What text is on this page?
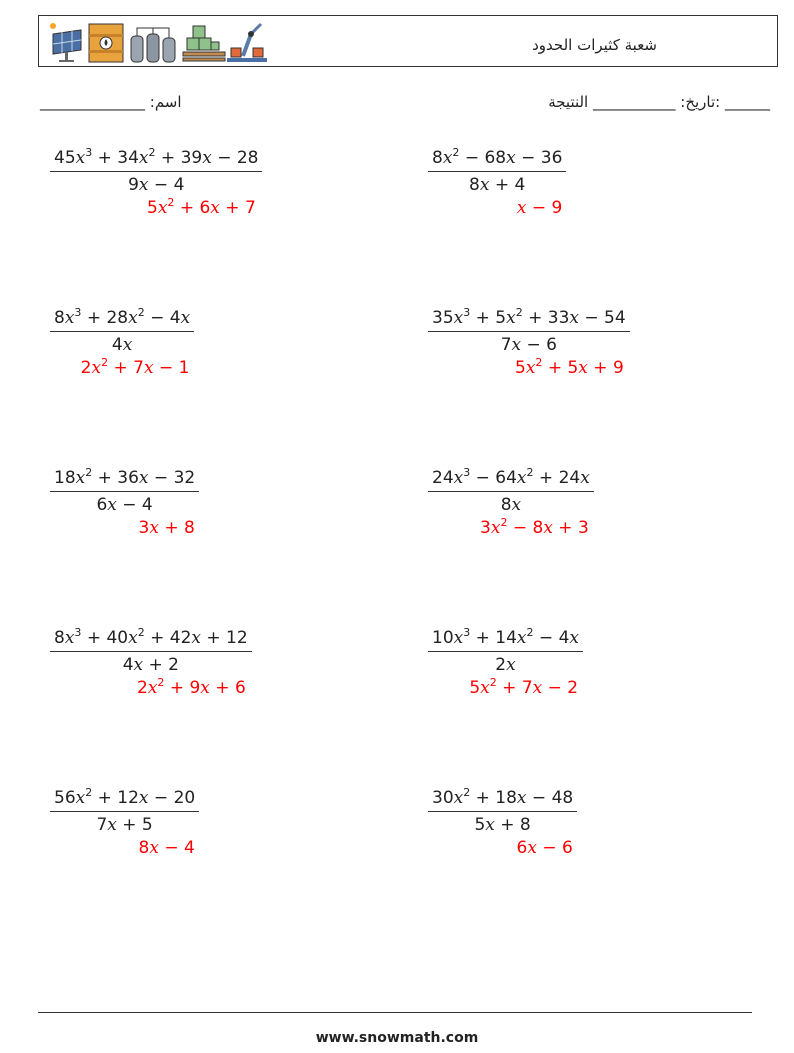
شعبة كثيرات الحدود
اسم: ______________	______ :تاريخ: ___________ النتيجة
$\frac{45x^3 + 34x^2 + 39x - 28}{9x - 4}$
$5x^2 + 6x + 7$
$\frac{8x^2 - 68x - 36}{8x + 4}$
x − 9
$\frac{8x^3 + 28x^2 - 4x}{4x}$
$2x^2 + 7x - 1$
$\frac{35x^3 + 5x^2 + 33x - 54}{7x - 6}$
$5x^2 + 5x + 9$
$\frac{18x^2 + 36x - 32}{6x - 4}$
3x + 8
$\frac{24x^3 - 64x^2 + 24x}{8x}$
$3x^2 - 8x + 3$
$\frac{8x^3 + 40x^2 + 42x + 12}{4x + 2}$
$2x^2 + 9x + 6$
$\frac{10x^3 + 14x^2 - 4x}{2x}$
$5x^2 + 7x - 2$
$\frac{56x^2 + 12x - 20}{7x + 5}$
8x − 4
$\frac{30x^2 + 18x - 48}{5x + 8}$
6x − 6
www.snowmath.com
